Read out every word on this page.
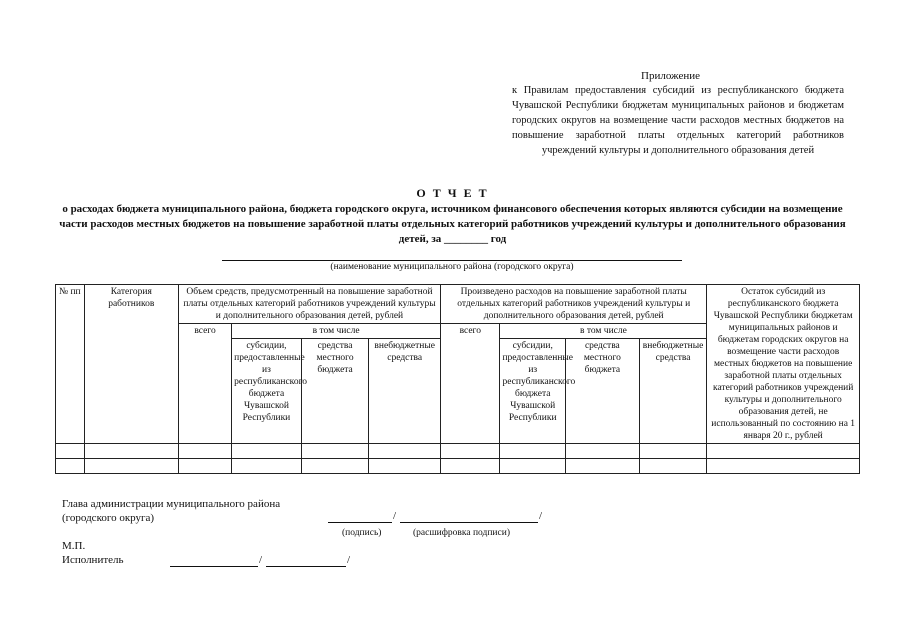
Приложение

к Правилам предоставления субсидий из республиканского бюджета Чувашской Республики бюджетам муниципальных районов и бюджетам городских округов на возмещение части расходов местных бюджетов на повышение заработной платы отдельных категорий работников учреждений культуры и дополнительного образования детей

О Т Ч Е Т

о расходах бюджета муниципального района, бюджета городского округа, источником финансового обеспечения которых являются субсидии на возмещение части расходов местных бюджетов на повышение заработной платы отдельных категорий работников учреждений культуры и дополнительного образования детей, за ________ год

(наименование муниципального района (городского округа)

№ пп	Категория работников	Объем средств, предусмотренный на повышение заработной платы отдельных категорий работников учреждений культуры и дополнительного образования детей, рублей				Произведено расходов на повышение заработной платы отдельных категорий работников учреждений культуры и дополнительного образования детей, рублей				Остаток субсидий из республиканского бюджета Чувашской Республики бюджетам муниципальных районов и бюджетам городских округов на возмещение части расходов местных бюджетов на повышение заработной платы отдельных категорий работников учреждений культуры и дополнительного образования детей, не использованный по состоянию на 1 января 20 г., рублей
		всего	в том числе			всего	в том числе			
			субсидии, предоставленные из республиканского бюджета Чувашской Республики	средства местного бюджета	внебюджетные средства		субсидии, предоставленные из республиканского бюджета Чувашской Республики	средства местного бюджета	внебюджетные средства	

Глава администрации муниципального района

(городского округа)	/	/
(подпись)	(расшифровка подписи)

М.П.

Исполнитель	/	/
